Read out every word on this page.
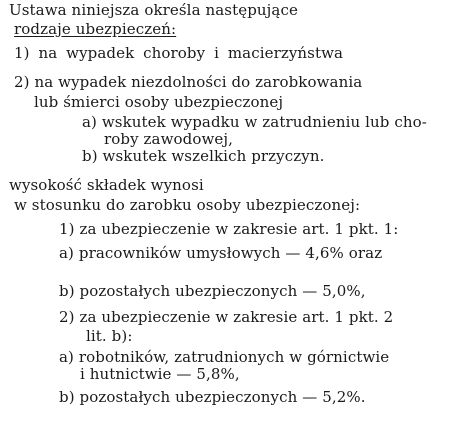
Ustawa niniejsza określa następujące
rodzaje ubezpieczeń:
1) na wypadek choroby i macierzyństwa
2) na wypadek niezdolności do zarobkowania
lub śmierci osoby ubezpieczonej
a) wskutek wypadku w zatrudnieniu lub cho-
roby zawodowej,
b) wskutek wszelkich przyczyn.
wysokość składek wynosi
w stosunku do zarobku osoby ubezpieczonej:
1) za ubezpieczenie w zakresie art. 1 pkt. 1:
a) pracowników umysłowych — 4,6% oraz
b) pozostałych ubezpieczonych — 5,0%,
2) za ubezpieczenie w zakresie art. 1 pkt. 2
lit. b):
a) robotników, zatrudnionych w górnictwie
i hutnictwie — 5,8%,
b) pozostałych ubezpieczonych — 5,2%.
